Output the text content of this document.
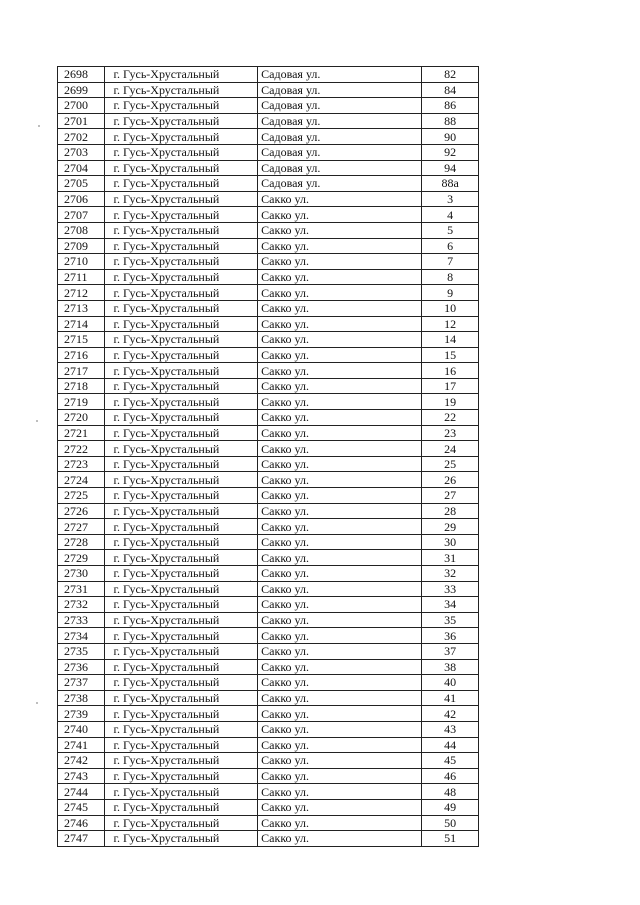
2698	г. Гусь-Хрустальный	Садовая ул.	82
2699	г. Гусь-Хрустальный	Садовая ул.	84
2700	г. Гусь-Хрустальный	Садовая ул.	86
2701	г. Гусь-Хрустальный	Садовая ул.	88
2702	г. Гусь-Хрустальный	Садовая ул.	90
2703	г. Гусь-Хрустальный	Садовая ул.	92
2704	г. Гусь-Хрустальный	Садовая ул.	94
2705	г. Гусь-Хрустальный	Садовая ул.	88а
2706	г. Гусь-Хрустальный	Сакко ул.	3
2707	г. Гусь-Хрустальный	Сакко ул.	4
2708	г. Гусь-Хрустальный	Сакко ул.	5
2709	г. Гусь-Хрустальный	Сакко ул.	6
2710	г. Гусь-Хрустальный	Сакко ул.	7
2711	г. Гусь-Хрустальный	Сакко ул.	8
2712	г. Гусь-Хрустальный	Сакко ул.	9
2713	г. Гусь-Хрустальный	Сакко ул.	10
2714	г. Гусь-Хрустальный	Сакко ул.	12
2715	г. Гусь-Хрустальный	Сакко ул.	14
2716	г. Гусь-Хрустальный	Сакко ул.	15
2717	г. Гусь-Хрустальный	Сакко ул.	16
2718	г. Гусь-Хрустальный	Сакко ул.	17
2719	г. Гусь-Хрустальный	Сакко ул.	19
2720	г. Гусь-Хрустальный	Сакко ул.	22
2721	г. Гусь-Хрустальный	Сакко ул.	23
2722	г. Гусь-Хрустальный	Сакко ул.	24
2723	г. Гусь-Хрустальный	Сакко ул.	25
2724	г. Гусь-Хрустальный	Сакко ул.	26
2725	г. Гусь-Хрустальный	Сакко ул.	27
2726	г. Гусь-Хрустальный	Сакко ул.	28
2727	г. Гусь-Хрустальный	Сакко ул.	29
2728	г. Гусь-Хрустальный	Сакко ул.	30
2729	г. Гусь-Хрустальный	Сакко ул.	31
2730	г. Гусь-Хрустальный	Сакко ул.	32
2731	г. Гусь-Хрустальный	Сакко ул.	33
2732	г. Гусь-Хрустальный	Сакко ул.	34
2733	г. Гусь-Хрустальный	Сакко ул.	35
2734	г. Гусь-Хрустальный	Сакко ул.	36
2735	г. Гусь-Хрустальный	Сакко ул.	37
2736	г. Гусь-Хрустальный	Сакко ул.	38
2737	г. Гусь-Хрустальный	Сакко ул.	40
2738	г. Гусь-Хрустальный	Сакко ул.	41
2739	г. Гусь-Хрустальный	Сакко ул.	42
2740	г. Гусь-Хрустальный	Сакко ул.	43
2741	г. Гусь-Хрустальный	Сакко ул.	44
2742	г. Гусь-Хрустальный	Сакко ул.	45
2743	г. Гусь-Хрустальный	Сакко ул.	46
2744	г. Гусь-Хрустальный	Сакко ул.	48
2745	г. Гусь-Хрустальный	Сакко ул.	49
2746	г. Гусь-Хрустальный	Сакко ул.	50
2747	г. Гусь-Хрустальный	Сакко ул.	51
